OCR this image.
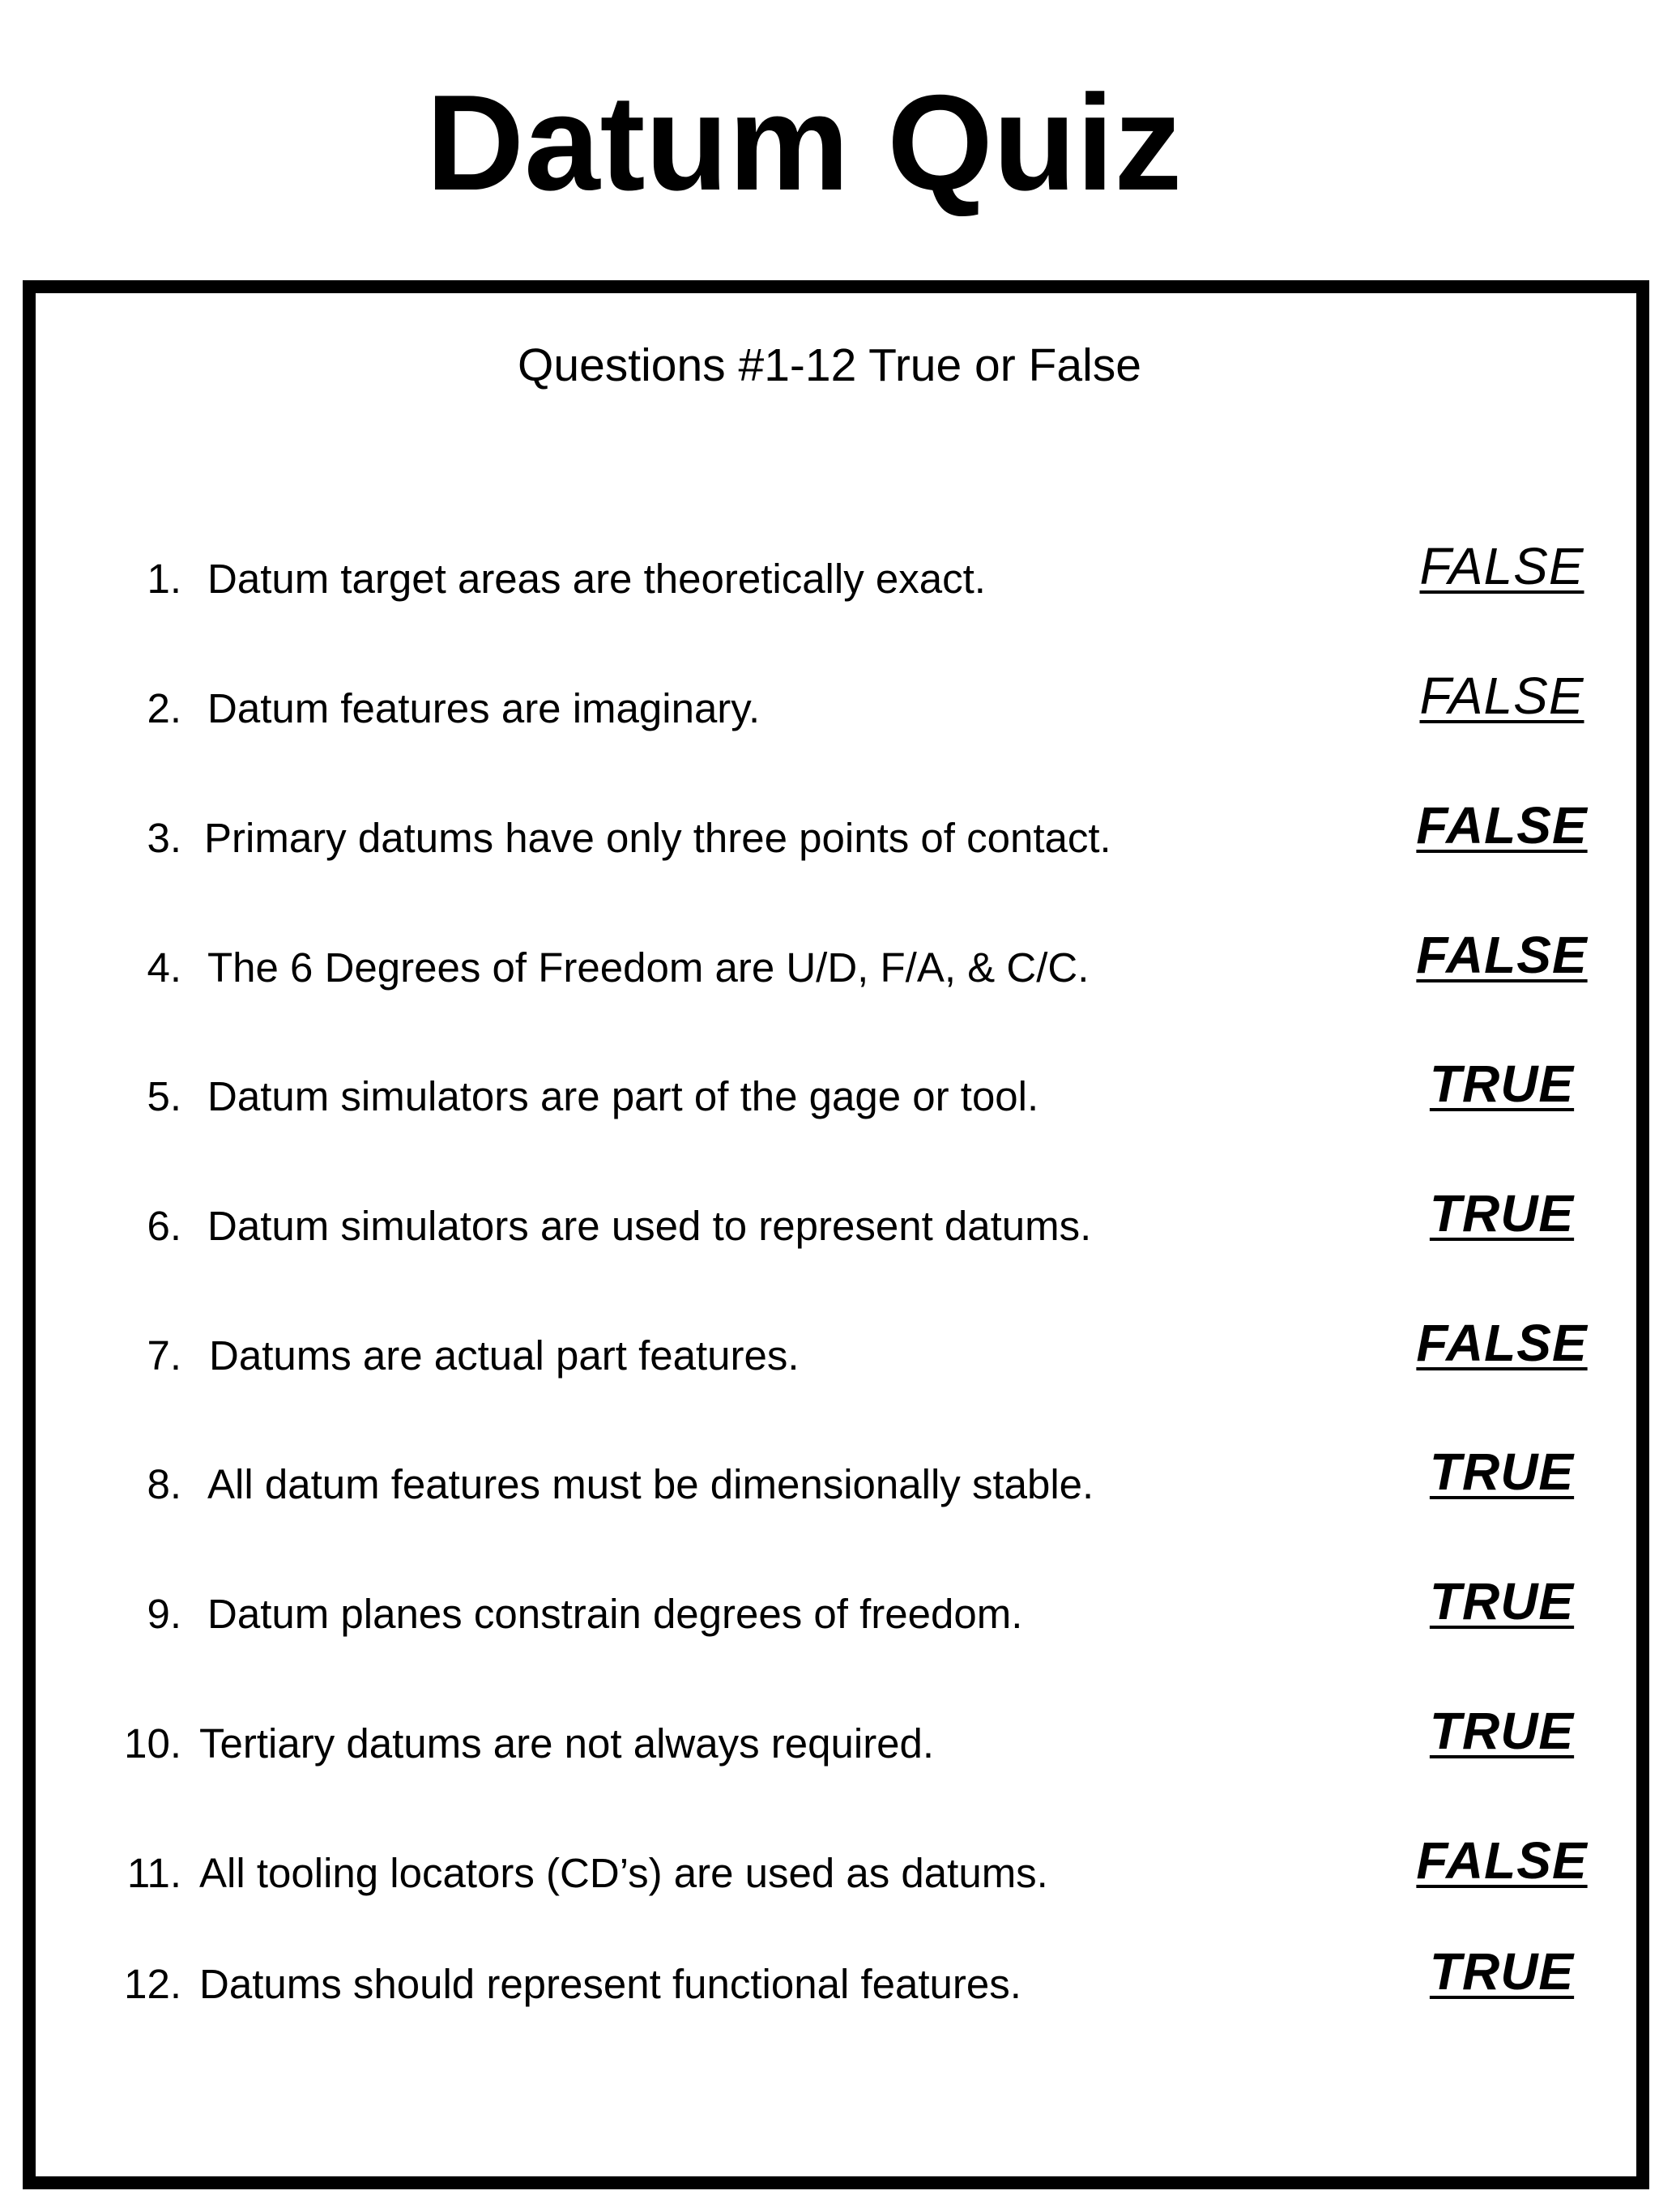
Datum Quiz
Questions #1-12 True or False
1. Datum target areas are theoretically exact.	FALSE
2. Datum features are imaginary.	FALSE
3. Primary datums have only three points of contact.	FALSE
4. The 6 Degrees of Freedom are U/D, F/A, & C/C.	FALSE
5. Datum simulators are part of the gage or tool.	TRUE
6. Datum simulators are used to represent datums.	TRUE
7. Datums are actual part features.	FALSE
8. All datum features must be dimensionally stable.	TRUE
9. Datum planes constrain degrees of freedom.	TRUE
10. Tertiary datums are not always required.	TRUE
11. All tooling locators (CD’s) are used as datums.	FALSE
12. Datums should represent functional features.	TRUE
